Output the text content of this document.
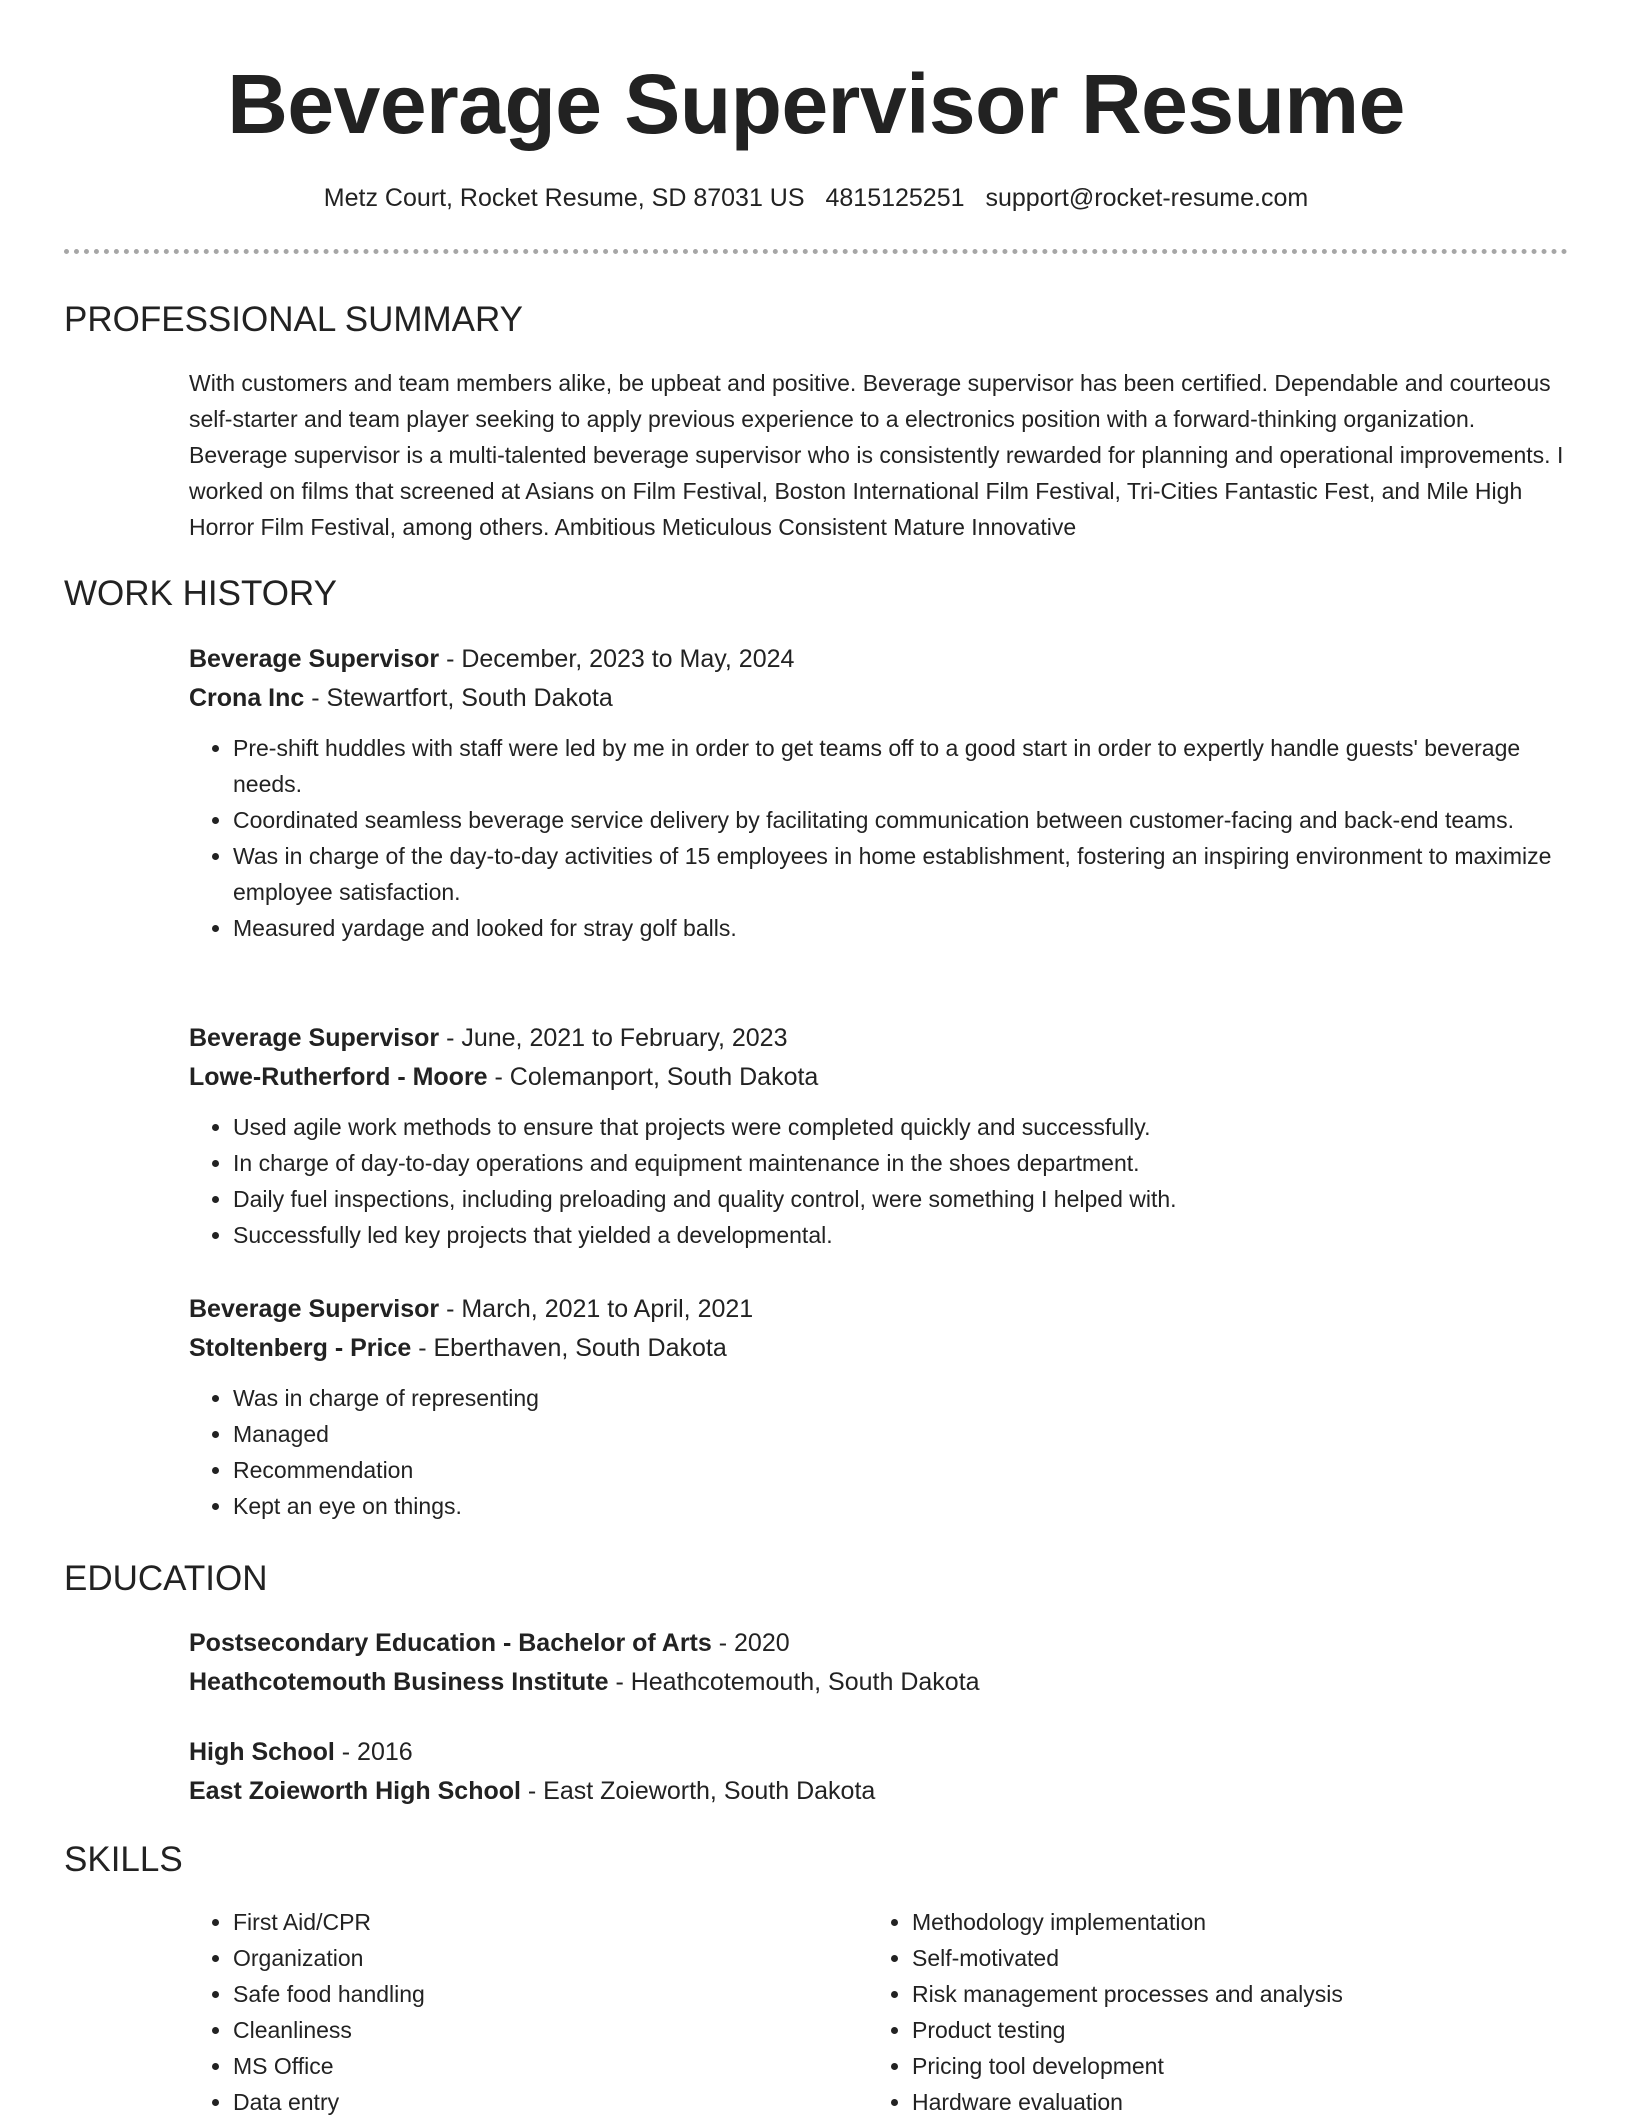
Beverage Supervisor Resume
Metz Court, Rocket Resume, SD 87031 US 4815125251 support@rocket-resume.com
PROFESSIONAL SUMMARY

With customers and team members alike, be upbeat and positive. Beverage supervisor has been certified. Dependable and courteous self-starter and team player seeking to apply previous experience to a electronics position with a forward-thinking organization. Beverage supervisor is a multi-talented beverage supervisor who is consistently rewarded for planning and operational improvements. I worked on films that screened at Asians on Film Festival, Boston International Film Festival, Tri-Cities Fantastic Fest, and Mile High Horror Film Festival, among others. Ambitious Meticulous Consistent Mature Innovative

WORK HISTORY
Beverage Supervisor - December, 2023 to May, 2024
Crona Inc - Stewartfort, South Dakota
• Pre-shift huddles with staff were led by me in order to get teams off to a good start in order to expertly handle guests' beverage needs.
• Coordinated seamless beverage service delivery by facilitating communication between customer-facing and back-end teams.
• Was in charge of the day-to-day activities of 15 employees in home establishment, fostering an inspiring environment to maximize employee satisfaction.
• Measured yardage and looked for stray golf balls.
Beverage Supervisor - June, 2021 to February, 2023
Lowe-Rutherford - Moore - Colemanport, South Dakota
• Used agile work methods to ensure that projects were completed quickly and successfully.
• In charge of day-to-day operations and equipment maintenance in the shoes department.
• Daily fuel inspections, including preloading and quality control, were something I helped with.
• Successfully led key projects that yielded a developmental.
Beverage Supervisor - March, 2021 to April, 2021
Stoltenberg - Price - Eberthaven, South Dakota
• Was in charge of representing
• Managed
• Recommendation
• Kept an eye on things.
EDUCATION
Postsecondary Education - Bachelor of Arts - 2020
Heathcotemouth Business Institute - Heathcotemouth, South Dakota
High School - 2016
East Zoieworth High School - East Zoieworth, South Dakota
SKILLS
• First Aid/CPR
• Organization
• Safe food handling
• Cleanliness
• MS Office
• Data entry
• Methodology implementation
• Self-motivated
• Risk management processes and analysis
• Product testing
• Pricing tool development
• Hardware evaluation
